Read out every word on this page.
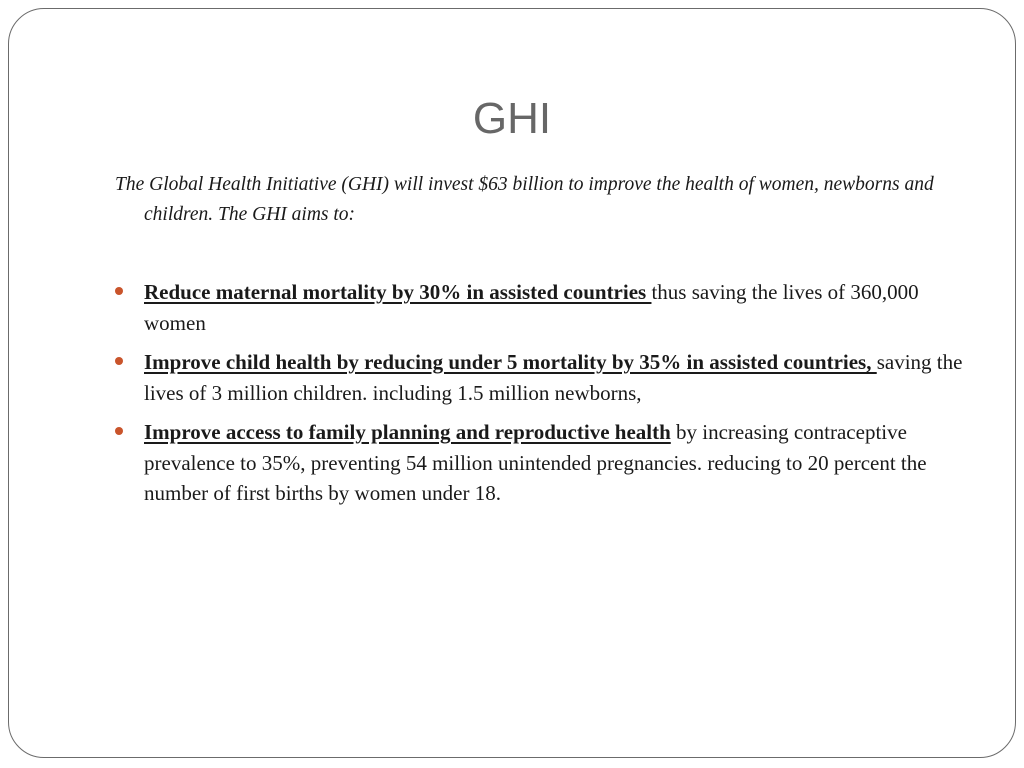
GHI
The Global Health Initiative (GHI) will invest $63 billion to improve the health of women, newborns and children. The GHI aims to:
Reduce maternal mortality by 30% in assisted countries thus saving the lives of 360,000 women
Improve child health by reducing under 5 mortality by 35% in assisted countries, saving the lives of 3 million children. including 1.5 million newborns,
Improve access to family planning and reproductive health by increasing contraceptive prevalence to 35%, preventing 54 million unintended pregnancies. reducing to 20 percent the number of first births by women under 18.
